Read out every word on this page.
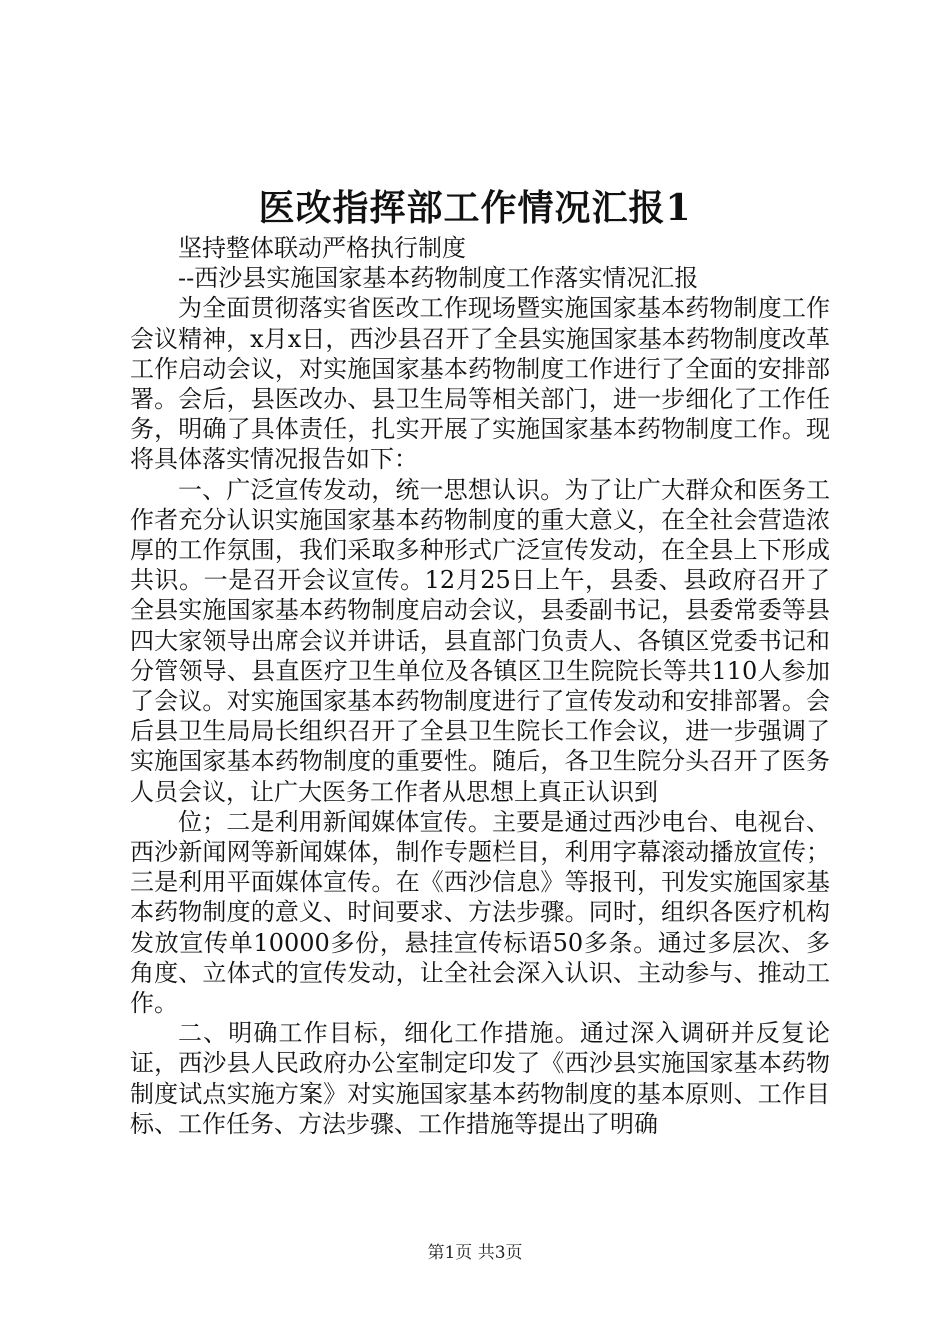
医改指挥部工作情况汇报1

坚持整体联动严格执行制度

--西沙县实施国家基本药物制度工作落实情况汇报

为全面贯彻落实省医改工作现场暨实施国家基本药物制度工作会议精神，x月x日，西沙县召开了全县实施国家基本药物制度改革工作启动会议，对实施国家基本药物制度工作进行了全面的安排部署。会后，县医改办、县卫生局等相关部门，进一步细化了工作任务，明确了具体责任，扎实开展了实施国家基本药物制度工作。现将具体落实情况报告如下：

一、广泛宣传发动，统一思想认识。为了让广大群众和医务工作者充分认识实施国家基本药物制度的重大意义，在全社会营造浓厚的工作氛围，我们采取多种形式广泛宣传发动，在全县上下形成共识。一是召开会议宣传。12月25日上午，县委、县政府召开了全县实施国家基本药物制度启动会议，县委副书记，县委常委等县四大家领导出席会议并讲话，县直部门负责人、各镇区党委书记和分管领导、县直医疗卫生单位及各镇区卫生院院长等共110人参加了会议。对实施国家基本药物制度进行了宣传发动和安排部署。会后县卫生局局长组织召开了全县卫生院长工作会议，进一步强调了实施国家基本药物制度的重要性。随后，各卫生院分头召开了医务人员会议，让广大医务工作者从思想上真正认识到

位；二是利用新闻媒体宣传。主要是通过西沙电台、电视台、西沙新闻网等新闻媒体，制作专题栏目，利用字幕滚动播放宣传；三是利用平面媒体宣传。在《西沙信息》等报刊，刊发实施国家基本药物制度的意义、时间要求、方法步骤。同时，组织各医疗机构发放宣传单10000多份，悬挂宣传标语50多条。通过多层次、多角度、立体式的宣传发动，让全社会深入认识、主动参与、推动工作。

二、明确工作目标，细化工作措施。通过深入调研并反复论证，西沙县人民政府办公室制定印发了《西沙县实施国家基本药物制度试点实施方案》对实施国家基本药物制度的基本原则、工作目标、工作任务、方法步骤、工作措施等提出了明确

第1页 共3页
